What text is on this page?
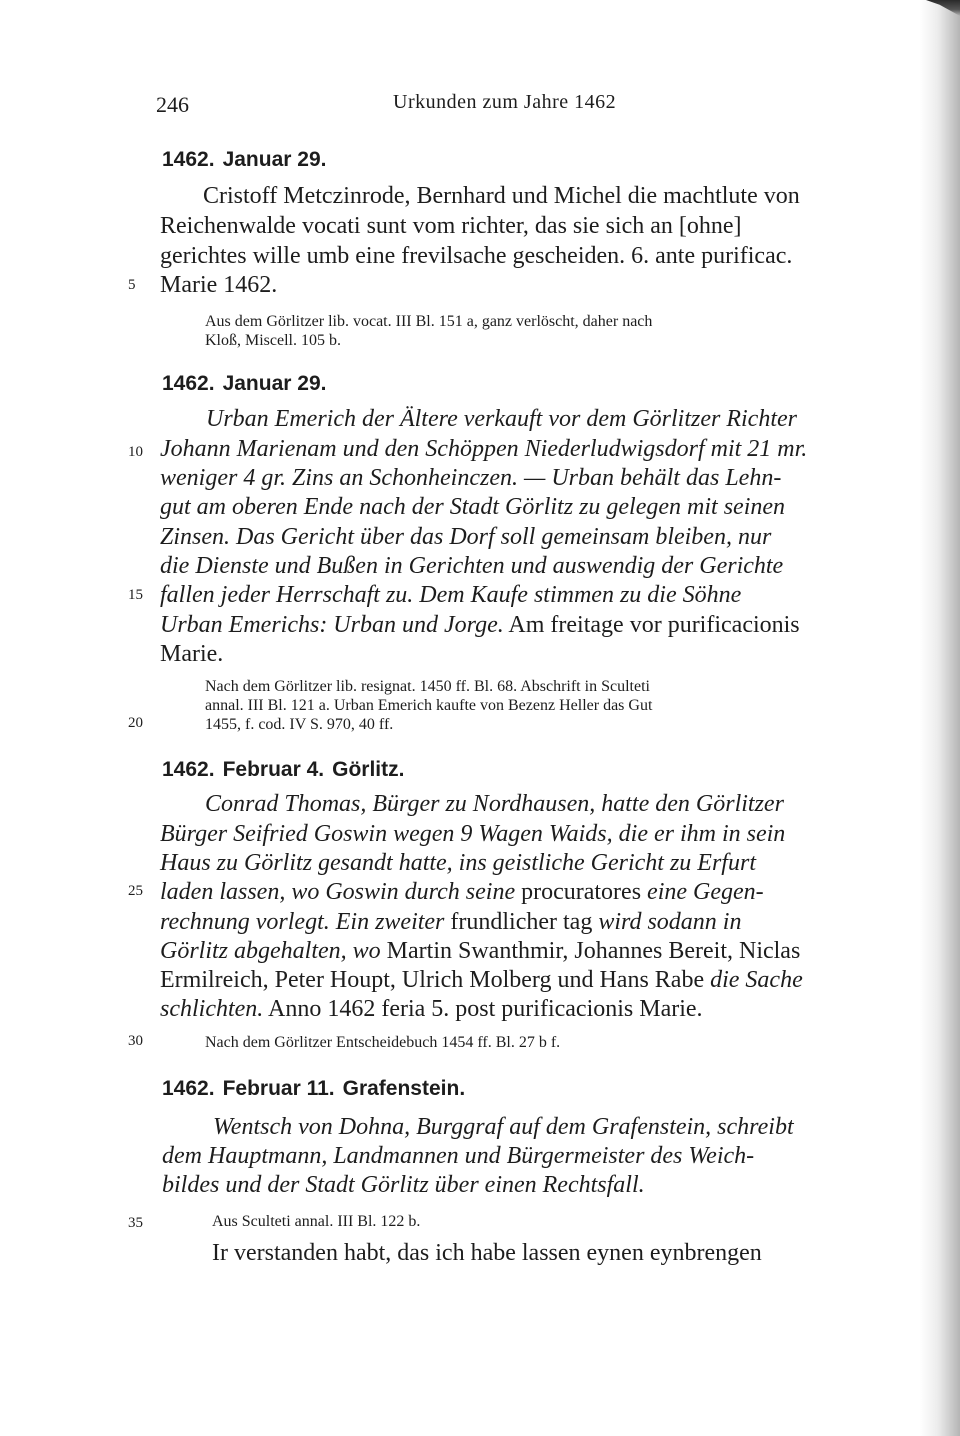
246	Urkunden zum Jahre 1462
5
10
15
20
25
30
35
1462. Januar 29.
Cristoff Metczinrode, Bernhard und Michel die machtlute von
Reichenwalde vocati sunt vom richter, das sie sich an [ohne]
gerichtes wille umb eine frevilsache gescheiden. 6. ante purificac.
Marie 1462.
Aus dem Görlitzer lib. vocat. III Bl. 151 a, ganz verlöscht, daher nach
Kloß, Miscell. 105 b.
1462. Januar 29.
Urban Emerich der Ältere verkauft vor dem Görlitzer Richter
Johann Marienam und den Schöppen Niederludwigsdorf mit 21 mr.
weniger 4 gr. Zins an Schonheinczen. — Urban behält das Lehn-
gut am oberen Ende nach der Stadt Görlitz zu gelegen mit seinen
Zinsen. Das Gericht über das Dorf soll gemeinsam bleiben, nur
die Dienste und Bußen in Gerichten und auswendig der Gerichte
fallen jeder Herrschaft zu. Dem Kaufe stimmen zu die Söhne
Urban Emerichs: Urban und Jorge. Am freitage vor purificacionis
Marie.
Nach dem Görlitzer lib. resignat. 1450 ff. Bl. 68. Abschrift in Sculteti
annal. III Bl. 121 a. Urban Emerich kaufte von Bezenz Heller das Gut
1455, f. cod. IV S. 970, 40 ff.
1462. Februar 4. Görlitz.
Conrad Thomas, Bürger zu Nordhausen, hatte den Görlitzer
Bürger Seifried Goswin wegen 9 Wagen Waids, die er ihm in sein
Haus zu Görlitz gesandt hatte, ins geistliche Gericht zu Erfurt
laden lassen, wo Goswin durch seine procuratores eine Gegen-
rechnung vorlegt. Ein zweiter frundlicher tag wird sodann in
Görlitz abgehalten, wo Martin Swanthmir, Johannes Bereit, Niclas
Ermilreich, Peter Houpt, Ulrich Molberg und Hans Rabe die Sache
schlichten. Anno 1462 feria 5. post purificacionis Marie.
Nach dem Görlitzer Entscheidebuch 1454 ff. Bl. 27 b f.
1462. Februar 11. Grafenstein.
Wentsch von Dohna, Burggraf auf dem Grafenstein, schreibt
dem Hauptmann, Landmannen und Bürgermeister des Weich-
bildes und der Stadt Görlitz über einen Rechtsfall.
Aus Sculteti annal. III Bl. 122 b.
Ir verstanden habt, das ich habe lassen eynen eynbrengen
